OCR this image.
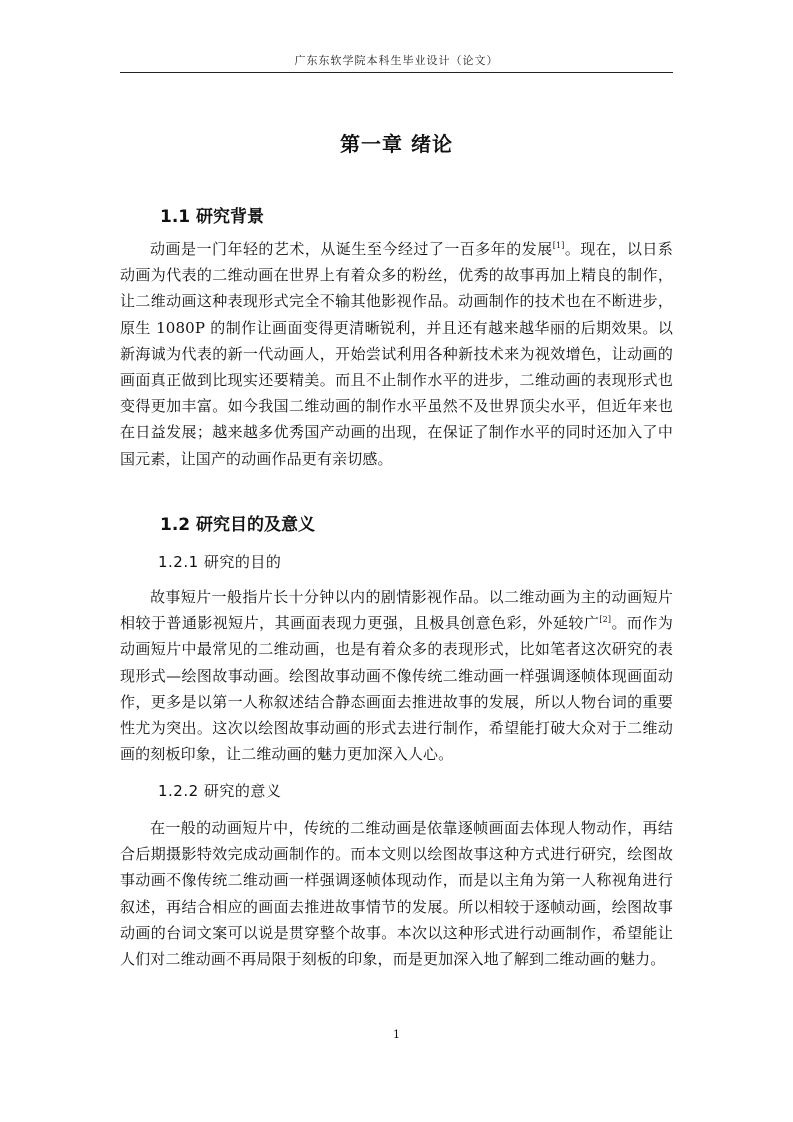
广东东软学院本科生毕业设计（论文）
第一章 绪论
1.1 研究背景

动画是一门年轻的艺术，从诞生至今经过了一百多年的发展[1]。现在，以日系动画为代表的二维动画在世界上有着众多的粉丝，优秀的故事再加上精良的制作，让二维动画这种表现形式完全不输其他影视作品。动画制作的技术也在不断进步，原生 1080P 的制作让画面变得更清晰锐利，并且还有越来越华丽的后期效果。以新海诚为代表的新一代动画人，开始尝试利用各种新技术来为视效增色，让动画的画面真正做到比现实还要精美。而且不止制作水平的进步，二维动画的表现形式也变得更加丰富。如今我国二维动画的制作水平虽然不及世界顶尖水平，但近年来也在日益发展；越来越多优秀国产动画的出现，在保证了制作水平的同时还加入了中国元素，让国产的动画作品更有亲切感。

1.2 研究目的及意义
1.2.1 研究的目的

故事短片一般指片长十分钟以内的剧情影视作品。以二维动画为主的动画短片相较于普通影视短片，其画面表现力更强，且极具创意色彩，外延较广[2]。而作为动画短片中最常见的二维动画，也是有着众多的表现形式，比如笔者这次研究的表现形式—绘图故事动画。绘图故事动画不像传统二维动画一样强调逐帧体现画面动作，更多是以第一人称叙述结合静态画面去推进故事的发展，所以人物台词的重要性尤为突出。这次以绘图故事动画的形式去进行制作，希望能打破大众对于二维动画的刻板印象，让二维动画的魅力更加深入人心。

1.2.2 研究的意义

在一般的动画短片中，传统的二维动画是依靠逐帧画面去体现人物动作，再结合后期摄影特效完成动画制作的。而本文则以绘图故事这种方式进行研究，绘图故事动画不像传统二维动画一样强调逐帧体现动作，而是以主角为第一人称视角进行叙述，再结合相应的画面去推进故事情节的发展。所以相较于逐帧动画，绘图故事动画的台词文案可以说是贯穿整个故事。本次以这种形式进行动画制作，希望能让人们对二维动画不再局限于刻板的印象，而是更加深入地了解到二维动画的魅力。

1
